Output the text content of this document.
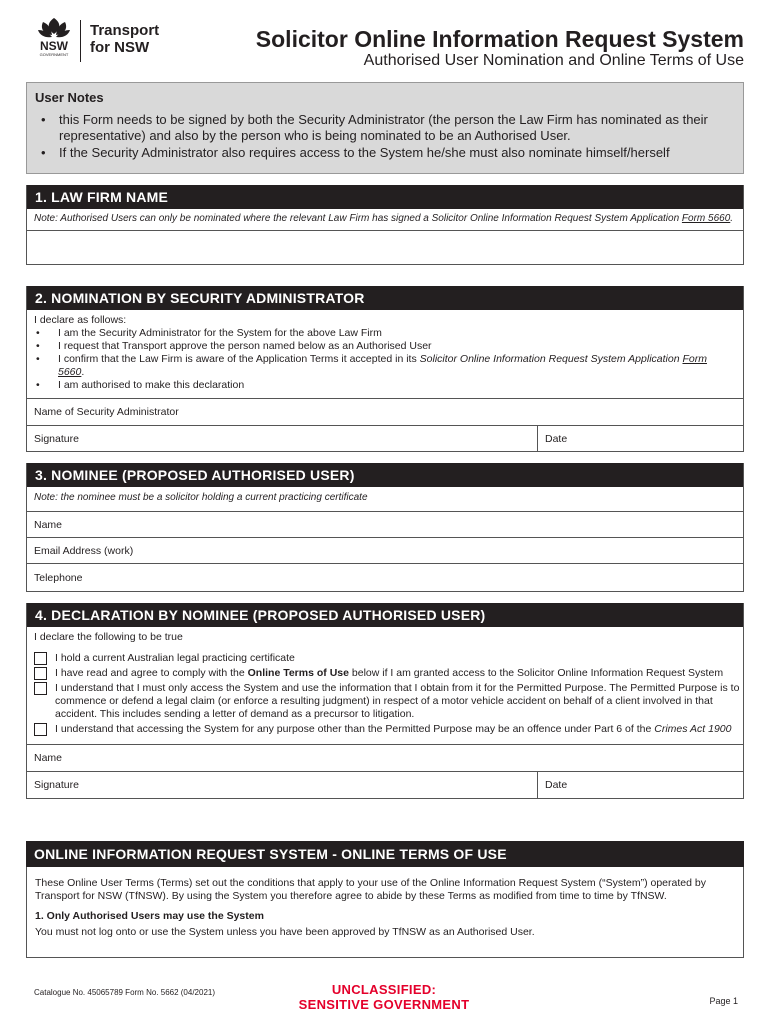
NSW
GOVERNMENT
Transport
for NSW	Solicitor Online Information Request System
Authorised User Nomination and Online Terms of Use
User Notes
• this Form needs to be signed by both the Security Administrator (the person the Law Firm has nominated as their representative) and also by the person who is being nominated to be an Authorised User.
• If the Security Administrator also requires access to the System he/she must also nominate himself/herself
1. LAW FIRM NAME
Note: Authorised Users can only be nominated where the relevant Law Firm has signed a Solicitor Online Information Request System Application Form 5660.
2. NOMINATION BY SECURITY ADMINISTRATOR
I declare as follows:
• I am the Security Administrator for the System for the above Law Firm
• I request that Transport approve the person named below as an Authorised User
• I confirm that the Law Firm is aware of the Application Terms it accepted in its Solicitor Online Information Request System Application Form 5660.
• I am authorised to make this declaration
Name of Security Administrator
Signature	Date
3. NOMINEE (PROPOSED AUTHORISED USER)
Note: the nominee must be a solicitor holding a current practicing certificate
Name
Email Address (work)
Telephone
4. DECLARATION BY NOMINEE (PROPOSED AUTHORISED USER)
I declare the following to be true
I hold a current Australian legal practicing certificate
I have read and agree to comply with the Online Terms of Use below if I am granted access to the Solicitor Online Information Request System
I understand that I must only access the System and use the information that I obtain from it for the Permitted Purpose. The Permitted Purpose is to commence or defend a legal claim (or enforce a resulting judgment) in respect of a motor vehicle accident on behalf of a client involved in that accident. This includes sending a letter of demand as a precursor to litigation.
I understand that accessing the System for any purpose other than the Permitted Purpose may be an offence under Part 6 of the Crimes Act 1900
Name
Signature	Date
ONLINE INFORMATION REQUEST SYSTEM - ONLINE TERMS OF USE

These Online User Terms (Terms) set out the conditions that apply to your use of the Online Information Request System (“System”) operated by Transport for NSW (TfNSW). By using the System you therefore agree to abide by these Terms as modified from time to time by TfNSW.

1. Only Authorised Users may use the System

You must not log onto or use the System unless you have been approved by TfNSW as an Authorised User.

Catalogue No. 45065789 Form No. 5662 (04/2021)	UNCLASSIFIED:
SENSITIVE GOVERNMENT	Page 1
